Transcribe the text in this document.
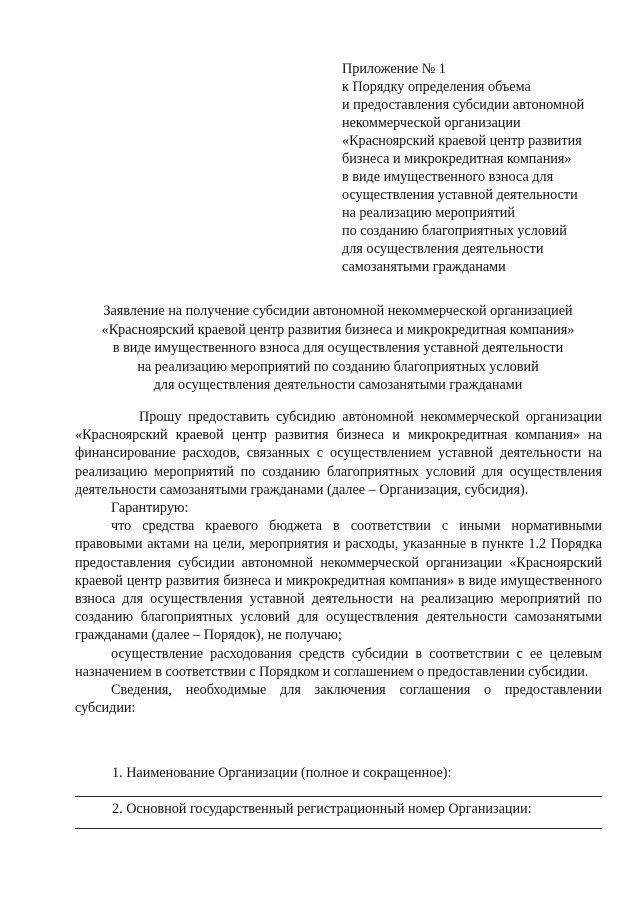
Приложение № 1
к Порядку определения объема
и предоставления субсидии автономной
некоммерческой организации
«Красноярский краевой центр развития
бизнеса и микрокредитная компания»
в виде имущественного взноса для
осуществления уставной деятельности
на реализацию мероприятий
по созданию благоприятных условий
для осуществления деятельности
самозанятыми гражданами
Заявление на получение субсидии автономной некоммерческой организацией
«Красноярский краевой центр развития бизнеса и микрокредитная компания»
в виде имущественного взноса для осуществления уставной деятельности
на реализацию мероприятий по созданию благоприятных условий
для осуществления деятельности самозанятыми гражданами

Прошу предоставить субсидию автономной некоммерческой организации «Красноярский краевой центр развития бизнеса и микрокредитная компания» на финансирование расходов, связанных с осуществлением уставной деятельности на реализацию мероприятий по созданию благоприятных условий для осуществления деятельности самозанятыми гражданами (далее – Организация, субсидия).

Гарантирую:

что средства краевого бюджета в соответствии с иными нормативными правовыми актами на цели, мероприятия и расходы, указанные в пункте 1.2 Порядка предоставления субсидии автономной некоммерческой организации «Красноярский краевой центр развития бизнеса и микрокредитная компания» в виде имущественного взноса для осуществления уставной деятельности на реализацию мероприятий по созданию благоприятных условий для осуществления деятельности самозанятыми гражданами (далее – Порядок), не получаю;

осуществление расходования средств субсидии в соответствии с ее целевым назначением в соответствии с Порядком и соглашением о предоставлении субсидии.

Сведения, необходимые для заключения соглашения о предоставлении субсидии:

1. Наименование Организации (полное и сокращенное):
2. Основной государственный регистрационный номер Организации:
